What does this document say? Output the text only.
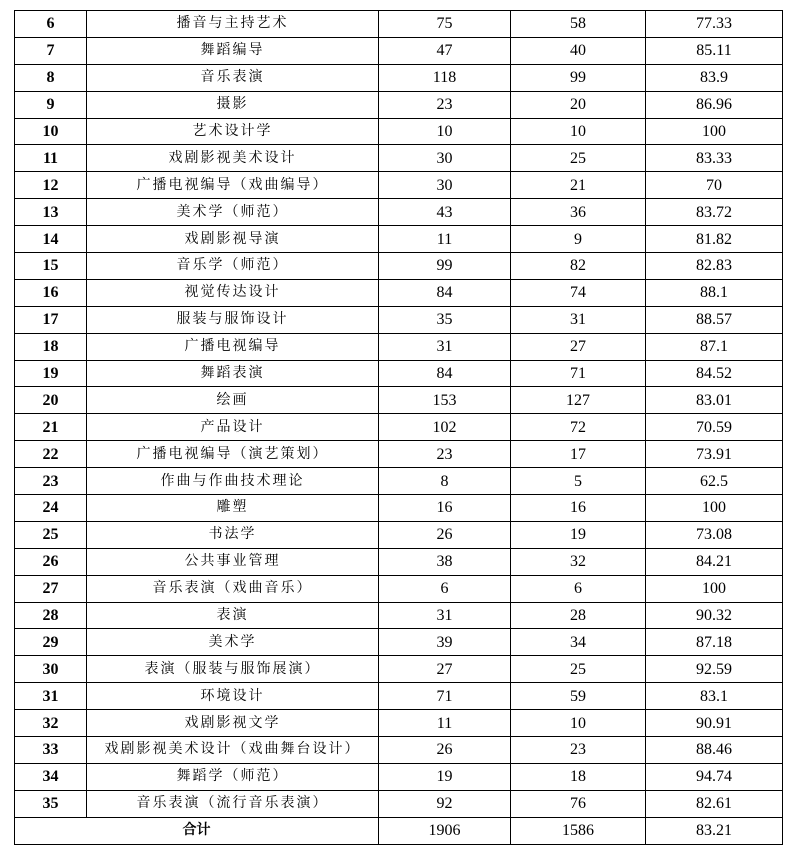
6	播音与主持艺术	75	58	77.33
7	舞蹈编导	47	40	85.11
8	音乐表演	118	99	83.9
9	摄影	23	20	86.96
10	艺术设计学	10	10	100
11	戏剧影视美术设计	30	25	83.33
12	广播电视编导（戏曲编导）	30	21	70
13	美术学（师范）	43	36	83.72
14	戏剧影视导演	11	9	81.82
15	音乐学（师范）	99	82	82.83
16	视觉传达设计	84	74	88.1
17	服装与服饰设计	35	31	88.57
18	广播电视编导	31	27	87.1
19	舞蹈表演	84	71	84.52
20	绘画	153	127	83.01
21	产品设计	102	72	70.59
22	广播电视编导（演艺策划）	23	17	73.91
23	作曲与作曲技术理论	8	5	62.5
24	雕塑	16	16	100
25	书法学	26	19	73.08
26	公共事业管理	38	32	84.21
27	音乐表演（戏曲音乐）	6	6	100
28	表演	31	28	90.32
29	美术学	39	34	87.18
30	表演（服装与服饰展演）	27	25	92.59
31	环境设计	71	59	83.1
32	戏剧影视文学	11	10	90.91
33	戏剧影视美术设计（戏曲舞台设计）	26	23	88.46
34	舞蹈学（师范）	19	18	94.74
35	音乐表演（流行音乐表演）	92	76	82.61
合计		1906	1586	83.21
